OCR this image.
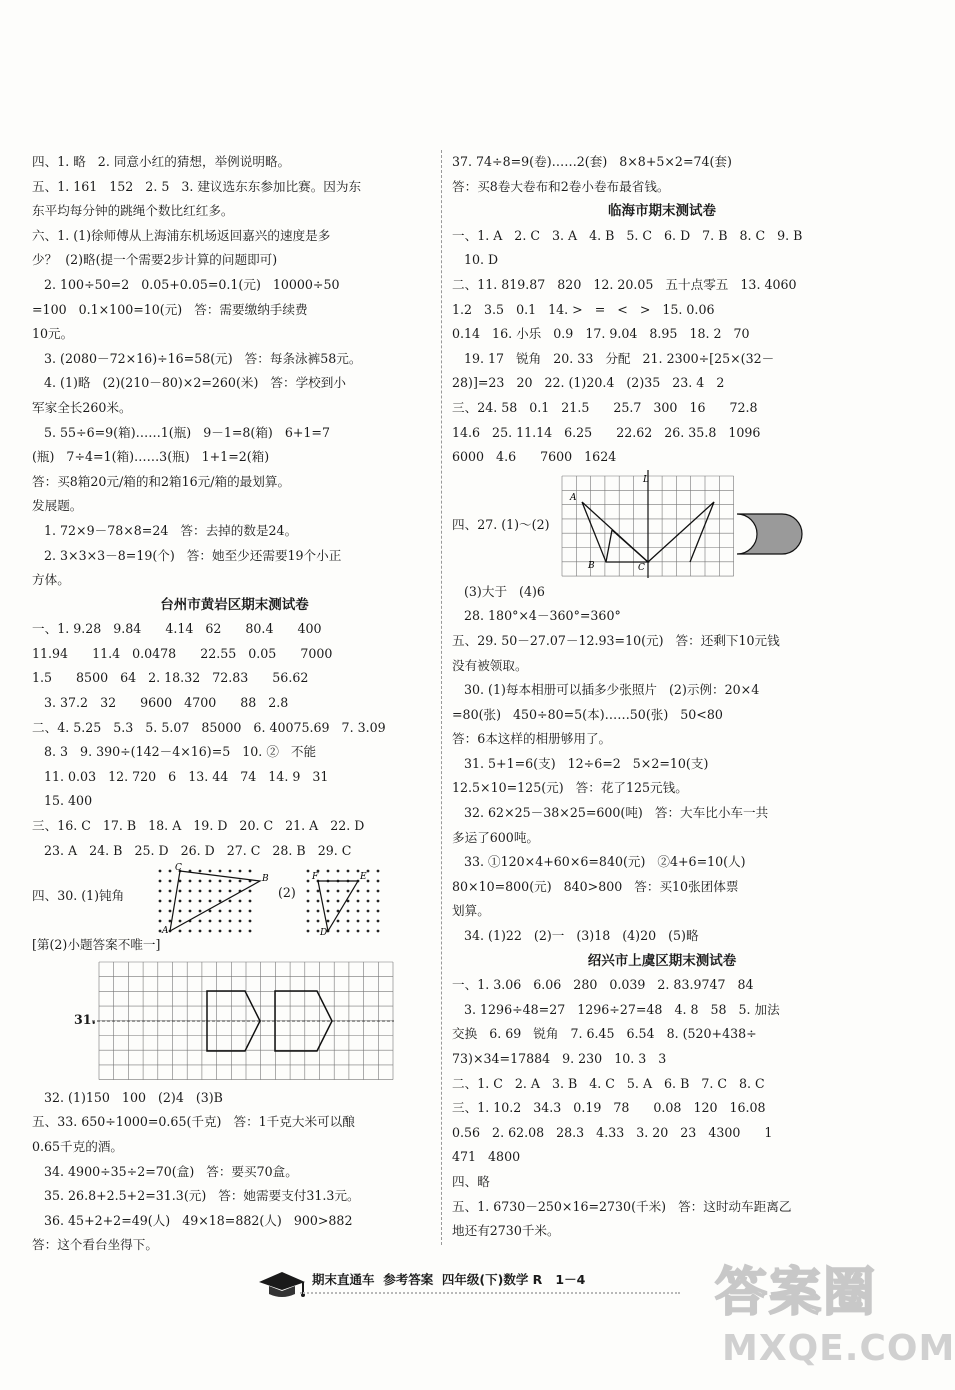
四、1. 略   2. 同意小红的猜想，举例说明略。
五、1. 161   152   2. 5   3. 建议选东东参加比赛。因为东
东平均每分钟的跳绳个数比红红多。
六、1. (1)徐师傅从上海浦东机场返回嘉兴的速度是多
少？  (2)略(提一个需要2步计算的问题即可)
2. 100÷50=2   0.05+0.05=0.1(元)   10000÷50
=100   0.1×100=10(元)   答：需要缴纳手续费
10元。
3. (2080－72×16)÷16=58(元)   答：每条泳裤58元。
4. (1)略   (2)(210－80)×2=260(米)   答：学校到小
军家全长260米。
5. 55÷6=9(箱)……1(瓶)   9－1=8(箱)   6+1=7
(瓶)   7÷4=1(箱)……3(瓶)   1+1=2(箱)
答：买8箱20元/箱的和2箱16元/箱的最划算。
发展题。
1. 72×9－78×8=24   答：去掉的数是24。
2. 3×3×3－8=19(个)   答：她至少还需要19个小正
方体。
台州市黄岩区期末测试卷
一、1. 9.28   9.84      4.14   62      80.4      400
11.94      11.4   0.0478      22.55   0.05      7000
1.5      8500   64   2. 18.32   72.83      56.62
3. 37.2   32      9600   4700      88   2.8
二、4. 5.25   5.3   5. 5.07   85000   6. 40075.69   7. 3.09
8. 3   9. 390÷(142－4×16)=5   10. ②   不能
11. 0.03   12. 720   6   13. 44   74   14. 9   31
15. 400
三、16. C   17. B   18. A   19. D   20. C   21. A   22. D
23. A   24. B   25. D   26. D   27. C   28. B   29. C
四、30. (1)钝角	(2)
C
B
A
F	E
D
[第(2)小题答案不唯一]
31.
32. (1)150   100   (2)4   (3)B
五、33. 650÷1000=0.65(千克)   答：1千克大米可以酿
0.65千克的酒。
34. 4900÷35÷2=70(盒)   答：要买70盒。
35. 26.8+2.5+2=31.3(元)   答：她需要支付31.3元。
36. 45+2+2=49(人)   49×18=882(人)   900>882
答：这个看台坐得下。
37. 74÷8=9(卷)……2(套)   8×8+5×2=74(套)
答：买8卷大卷布和2卷小卷布最省钱。
临海市期末测试卷
一、1. A   2. C   3. A   4. B   5. C   6. D   7. B   8. C   9. B
10. D
二、11. 819.87   820   12. 20.05   五十点零五   13. 4060
1.2   3.5   0.1   14. >   =   <   >   15. 0.06
0.14   16. 小乐   0.9   17. 9.04   8.95   18. 2   70
19. 17   锐角   20. 33   分配   21. 2300÷[25×(32－
28)]=23   20   22. (1)20.4   (2)35   23. 4   2
三、24. 58   0.1   21.5      25.7   300   16      72.8
14.6   25. 11.14   6.25      22.62   26. 35.8   1096
6000   4.6      7600   1624
四、27. (1)～(2)
L
A
B	C
(3)大于   (4)6
28. 180°×4－360°=360°
五、29. 50－27.07－12.93=10(元)   答：还剩下10元钱
没有被领取。
30. (1)每本相册可以插多少张照片   (2)示例：20×4
=80(张)   450÷80=5(本)……50(张)   50<80
答：6本这样的相册够用了。
31. 5+1=6(支)   12÷6=2   5×2=10(支)
12.5×10=125(元)   答：花了125元钱。
32. 62×25－38×25=600(吨)   答：大车比小车一共
多运了600吨。
33. ①120×4+60×6=840(元)   ②4+6=10(人)
80×10=800(元)   840>800   答：买10张团体票
划算。
34. (1)22   (2)一   (3)18   (4)20   (5)略
绍兴市上虞区期末测试卷
一、1. 3.06   6.06   280   0.039   2. 83.9747   84
3. 1296÷48=27   1296÷27=48   4. 8   58   5. 加法
交换   6. 69   锐角   7. 6.45   6.54   8. (520+438÷
73)×34=17884   9. 230   10. 3   3
二、1. C   2. A   3. B   4. C   5. A   6. B   7. C   8. C
三、1. 10.2   34.3   0.19   78      0.08   120   16.08
0.56   2. 62.08   28.3   4.33   3. 20   23   4300      1
471   4800
四、略
五、1. 6730－250×16=2730(千米)   答：这时动车距离乙
地还有2730千米。
期末直通车  参考答案  四年级(下)数学 R   1－4 答案圈
MXQE.COM
